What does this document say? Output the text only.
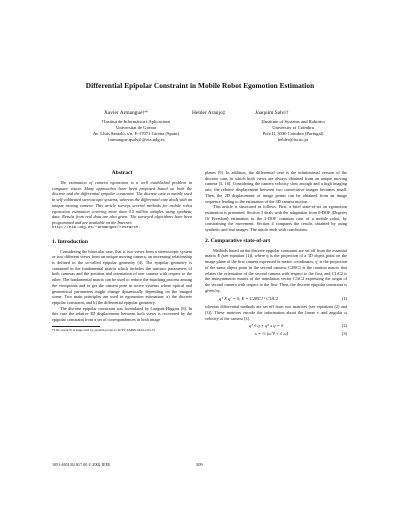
Differential Epipolar Constraint in Mobile Robot Egomotion Estimation
Xavier Armangué†*	Helder Araújo‡	Joaquim Salvi†
†Institut de Informàtica i Aplicacions
Universitat de Girona
Av. Lluís Santaló, s/n, E-17071 Girona (Spain)
{armangue,qsalvi}@eia.udg.es
‡Institute of Systems and Robotics
University of Coimbra
Pole II, 3030 Coimbra (Portugal)
helder@isr.uc.pt
Abstract

The estimation of camera egomotion is a well established problem in computer vision. Many approaches have been proposed based on both the discrete and the differential epipolar constraint. The discrete case is mainly used in self-calibrated stereoscopic systems, whereas the differential case deals with an unique moving camera. This article surveys several methods for mobile robot egomotion estimation covering more than 0.5 million samples using synthetic data. Results from real data are also given. The surveyed algorithms have been programmed and are available on the Internet:

http://eia.udg.es/~armangue/research.
1. Introduction

Considering the binocular case, that is two views from a stereoscopic system or two different views from an unique moving camera, an increasing relationship is defined in the so-called epipolar geometry [4]. The epipolar geometry is contained in the fundamental matrix which includes the intrinsic parameters of both cameras and the position and orientation of one camera with respect to the other. The fundamental matrix can be used to reduce the matching process among the viewpoints and to get the camera pose in active systems where optical and geometrical parameters might change dynamically depending on the imaged scene. Two main principles are used in egomotion estimation: a) the discrete epipolar constraint; and b) the differential epipolar geometry.

The discrete epipolar constraint was formulated by Longuet-Higgins [6]. In this case the relative 3D displacement between both views is recovered by the epipolar constraint from a set of correspondences in both image

*This research is supported by spanish project CICYT TAP99-0443-C05-01

planes [9]. In addition, the differential case is the infinitesimal version of the discrete case, in which both views are always obtained from an unique moving camera [3, 16]. Considering the camera velocity slow enough and a high imaging rate, the relative displacement between two consecutive images becomes small. Then, the 2D displacement of image points can be obtained from an image sequence leading to the estimation of the 3D camera motion.

This article is structured as follows. First, a brief state-of-art on egomotion estimation is presented. Section 3 deals with the adaptation from 6-DOF (Degrees Of Freedom) estimation to the 2-DOF common case of a mobile robot, by constraining the movement. Section 4 compares the results obtained by using synthetic and real images. The article ends with conclusions.

2. Comparative state-of-art

Methods based on the discrete epipolar constraint are set off from the essential matrix E (see equation (1)), where q is the projection of a 3D object point on the image plane of the first camera expressed in metric coordinates, q′ is the projection of the same object point in the second camera, C2RC1 is the rotation matrix that relates the orientation of the second camera with respect to the first, and C1tC2 is the antisymmetric matrix of the translation vector C1tC2 expressing the origin of the second camera with respect to the first. Then, the discrete epipolar constraint is given by,

qᵀ E q′ = 0, E = C2RC1ᵀ C1t̃C2	(1)

whereas differential methods are set off from two matrices (see equations (2) and (3)). These matrices encode the information about the linear v and angular ω velocity of the camera [3].

qᵀ ṽ q̇ + qᵀ s q = 0	(2)
s = ½ (ω̃ ṽ + ṽ ω̃)	(3)
1051-4651/02 $17.00 © 2002 IEEE	509
